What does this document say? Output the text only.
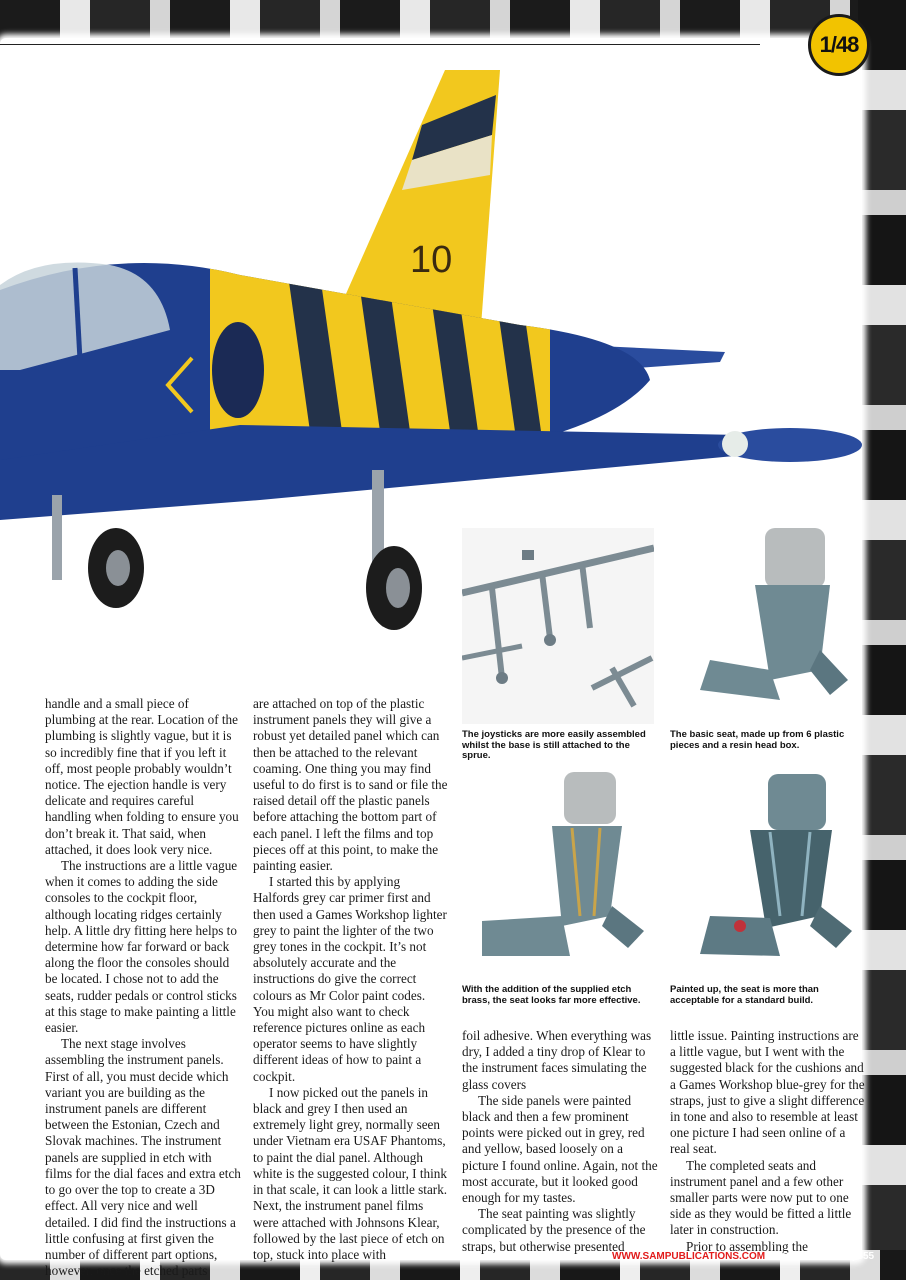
1/48
10
The joysticks are more easily assembled whilst the base is still attached to the sprue.
The basic seat, made up from 6 plastic pieces and a resin head box.
With the addition of the supplied etch brass, the seat looks far more effective.
Painted up, the seat is more than acceptable for a standard build.

handle and a small piece of plumbing at the rear. Location of the plumbing is slightly vague, but it is so incredibly fine that if you left it off, most people probably wouldn’t notice. The ejection handle is very delicate and requires careful handling when folding to ensure you don’t break it. That said, when attached, it does look very nice.

The instructions are a little vague when it comes to adding the side consoles to the cockpit floor, although locating ridges certainly help. A little dry fitting here helps to determine how far forward or back along the floor the consoles should be located. I chose not to add the seats, rudder pedals or control sticks at this stage to make painting a little easier.

The next stage involves assembling the instrument panels. First of all, you must decide which variant you are building as the instrument panels are different between the Estonian, Czech and Slovak machines. The instrument panels are supplied in etch with films for the dial faces and extra etch to go over the top to create a 3D effect. All very nice and well detailed. I did find the instructions a little confusing at first given the number of different part options, however, once the etched parts

are attached on top of the plastic instrument panels they will give a robust yet detailed panel which can then be attached to the relevant coaming. One thing you may find useful to do first is to sand or file the raised detail off the plastic panels before attaching the bottom part of each panel. I left the films and top pieces off at this point, to make the painting easier.

I started this by applying Halfords grey car primer first and then used a Games Workshop lighter grey to paint the lighter of the two grey tones in the cockpit. It’s not absolutely accurate and the instructions do give the correct colours as Mr Color paint codes. You might also want to check reference pictures online as each operator seems to have slightly different ideas of how to paint a cockpit.

I now picked out the panels in black and grey I then used an extremely light grey, normally seen under Vietnam era USAF Phantoms, to paint the dial panel. Although white is the suggested colour, I think in that scale, it can look a little stark. Next, the instrument panel films were attached with Johnsons Klear, followed by the last piece of etch on top, stuck into place with

foil adhesive. When everything was dry, I added a tiny drop of Klear to the instrument faces simulating the glass covers

The side panels were painted black and then a few prominent points were picked out in grey, red and yellow, based loosely on a picture I found online. Again, not the most accurate, but it looked good enough for my tastes.

The seat painting was slightly complicated by the presence of the straps, but otherwise presented

little issue. Painting instructions are a little vague, but I went with the suggested black for the cushions and a Games Workshop blue-grey for the straps, just to give a slight difference in tone and also to resemble at least one picture I had seen online of a real seat.

The completed seats and instrument panel and a few other smaller parts were now put to one side as they would be fitted a little later in construction.

Prior to assembling the

WWW.SAMPUBLICATIONS.COM • OCTOBER 2016 | 855
